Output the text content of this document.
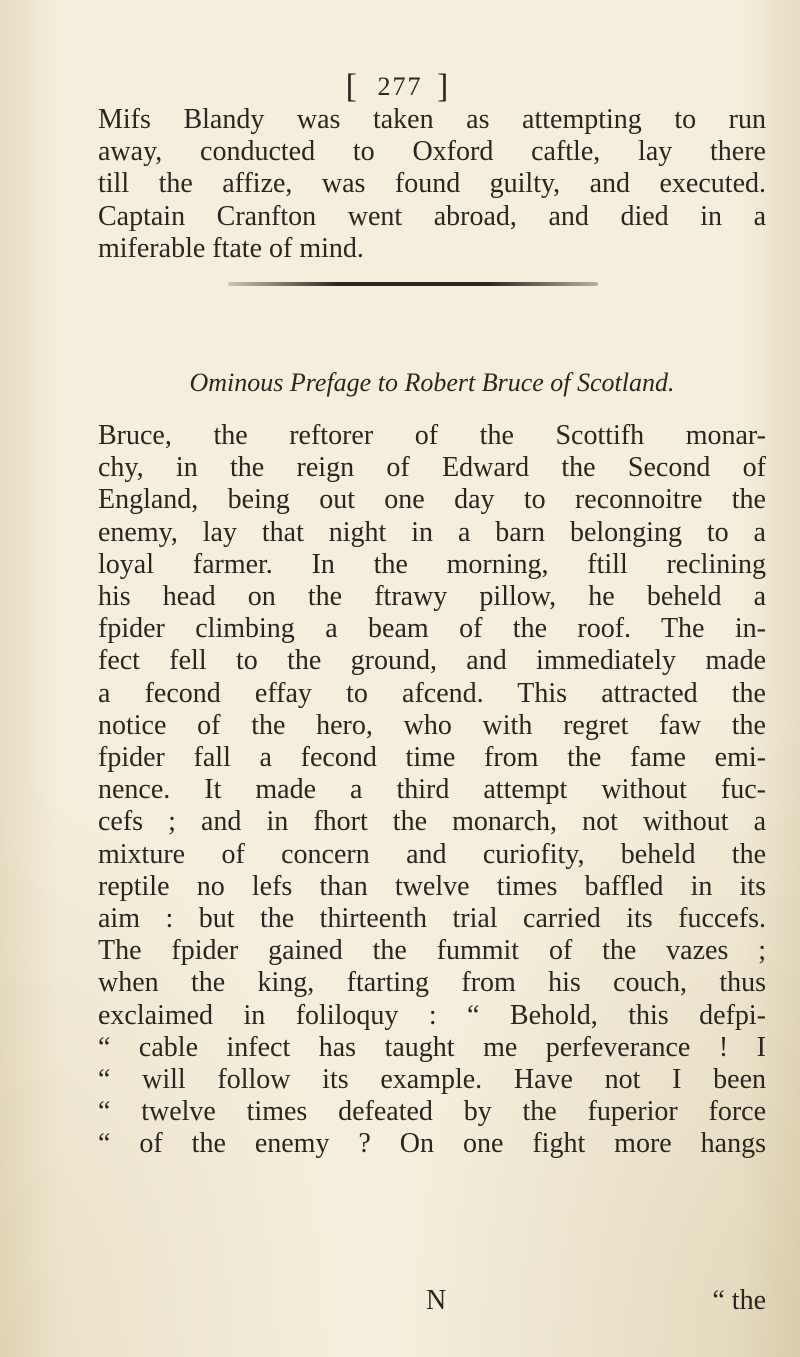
[ 277 ]
Mifs Blandy was taken as attempting to run
away, conducted to Oxford caftle, lay there
till the affize, was found guilty, and executed.
Captain Cranfton went abroad, and died in a
miferable ftate of mind.
Ominous Prefage to Robert Bruce of Scotland.
Bruce, the reftorer of the Scottifh monar-
chy, in the reign of Edward the Second of
England, being out one day to reconnoitre the
enemy, lay that night in a barn belonging to a
loyal farmer. In the morning, ftill reclining
his head on the ftrawy pillow, he beheld a
fpider climbing a beam of the roof. The in-
fect fell to the ground, and immediately made
a fecond effay to afcend. This attracted the
notice of the hero, who with regret faw the
fpider fall a fecond time from the fame emi-
nence. It made a third attempt without fuc-
cefs ; and in fhort the monarch, not without a
mixture of concern and curiofity, beheld the
reptile no lefs than twelve times baffled in its
aim : but the thirteenth trial carried its fuccefs.
The fpider gained the fummit of the vazes ;
when the king, ftarting from his couch, thus
exclaimed in foliloquy : “ Behold, this defpi-
“ cable infect has taught me perfeverance ! I
“ will follow its example. Have not I been
“ twelve times defeated by the fuperior force
“ of the enemy ? On one fight more hangs
N	“ the
